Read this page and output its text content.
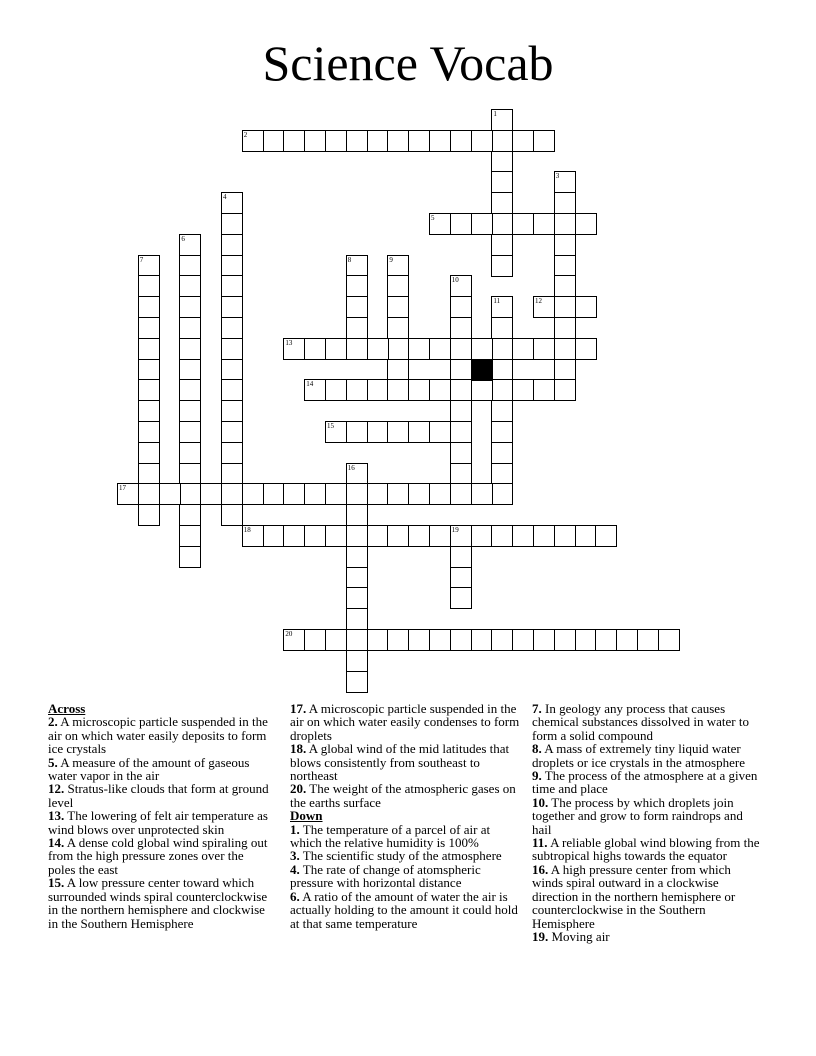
Science Vocab
1
2
3
4
5
6
7	8	9
10
11	12
13
14
15
16
17
18	19
20
Across

2. A microscopic particle suspended in the air on which water easily deposits to form ice crystals

5. A measure of the amount of gaseous water vapor in the air

12. Stratus-like clouds that form at ground level

13. The lowering of felt air temperature as wind blows over unprotected skin

14. A dense cold global wind spiraling out from the high pressure zones over the poles the east

15. A low pressure center toward which surrounded winds spiral counterclockwise in the northern hemisphere and clockwise in the Southern Hemisphere

17. A microscopic particle suspended in the air on which water easily condenses to form droplets

18. A global wind of the mid latitudes that blows consistently from southeast to northeast

20. The weight of the atmospheric gases on the earths surface

Down

1. The temperature of a parcel of air at which the relative humidity is 100%

3. The scientific study of the atmosphere

4. The rate of change of atomspheric pressure with horizontal distance

6. A ratio of the amount of water the air is actually holding to the amount it could hold at that same temperature

7. In geology any process that causes chemical substances dissolved in water to form a solid compound

8. A mass of extremely tiny liquid water droplets or ice crystals in the atmosphere

9. The process of the atmosphere at a given time and place

10. The process by which droplets join together and grow to form raindrops and hail

11. A reliable global wind blowing from the subtropical highs towards the equator

16. A high pressure center from which winds spiral outward in a clockwise direction in the northern hemisphere or counterclockwise in the Southern Hemisphere

19. Moving air
